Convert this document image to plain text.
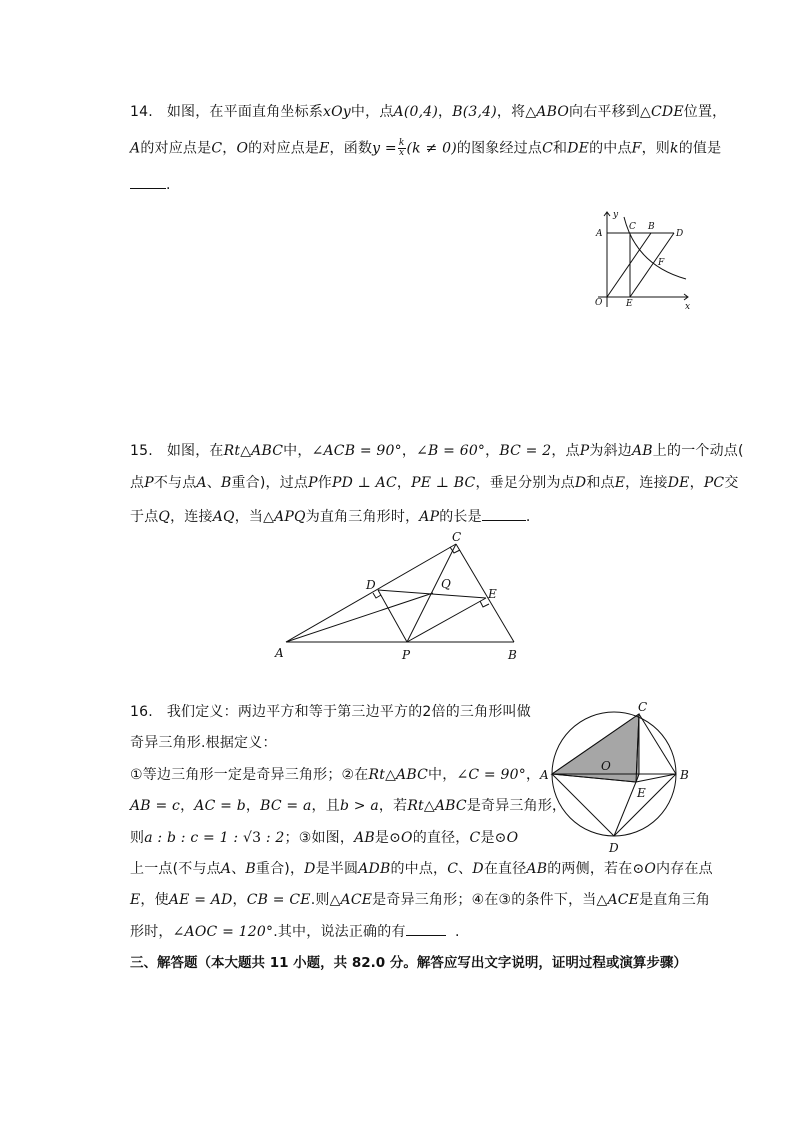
14. 如图，在平面直角坐标系xOy中，点A(0,4)，B(3,4)，将△ABO向右平移到△CDE位置，
A的对应点是C，O的对应点是E，函数$y = \frac{k}{x} (k \ne 0)$的图象经过点C和DE的中点F，则k的值是
.
y
x
A
C B
D
F
O	E
15. 如图，在Rt△ABC中，∠ACB = 90°，∠B = 60°，BC = 2，点P为斜边AB上的一个动点(
点P不与点A、B重合)，过点P作PD ⊥ AC，PE ⊥ BC，垂足分别为点D和点E，连接DE，PC交
于点Q，连接AQ，当△APQ为直角三角形时，AP的长是	.
C
D	Q
E
A	P	B
16. 我们定义：两边平方和等于第三边平方的2倍的三角形叫做
奇异三角形.根据定义：
①等边三角形一定是奇异三角形；②在Rt△ABC中，∠C = 90°，
AB = c，AC = b，BC = a，且b > a，若Rt△ABC是奇异三角形，
则a : b : c = 1 : √3 : 2；③如图，AB是⊙O的直径，C是⊙O
上一点(不与点A、B重合)，D是半圆ADB的中点，C、D在直径AB的两侧，若在⊙O内存在点
E，使AE = AD，CB = CE.则△ACE是奇异三角形；④在③的条件下，当△ACE是直角三角
形时，∠AOC = 120°.其中，说法正确的有	.
C
A
O
B
E
D
三、解答题（本大题共 11 小题，共 82.0 分。解答应写出文字说明，证明过程或演算步骤）
